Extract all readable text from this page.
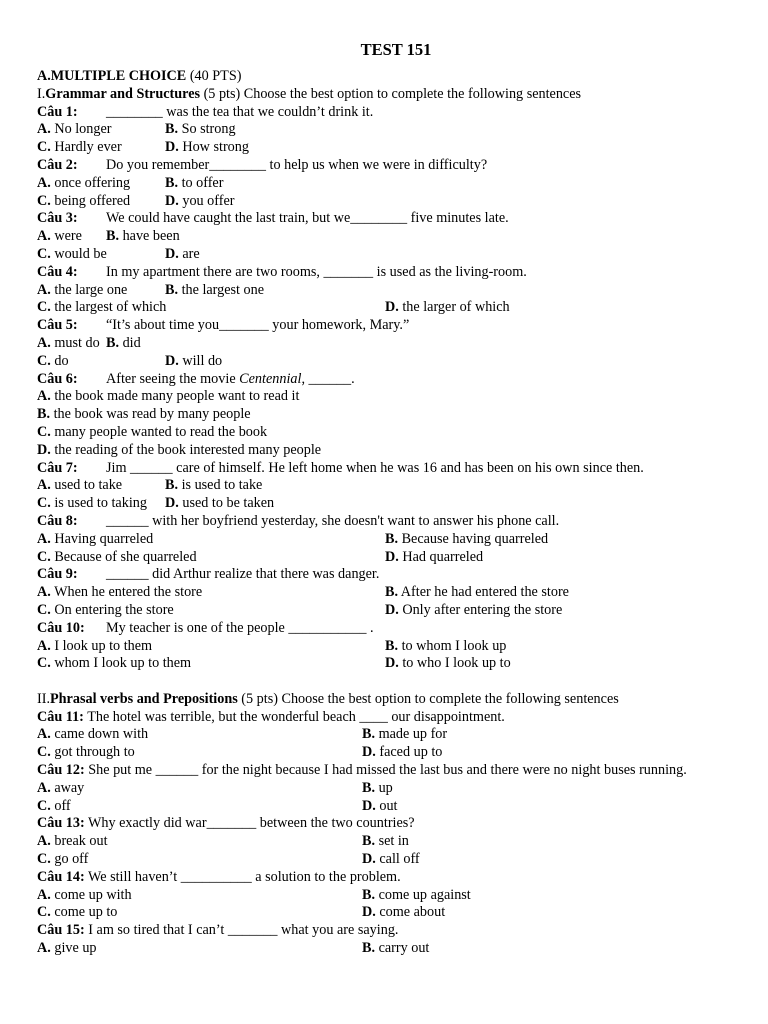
TEST 151
A.MULTIPLE CHOICE (40 PTS)
I.Grammar and Structures (5 pts) Choose the best option to complete the following sentences
Câu 1:	________ was the tea that we couldn’t drink it.
A. No longer	B. So strong
C. Hardly ever	D. How strong
Câu 2:	Do you remember________ to help us when we were in difficulty?
A. once offering B. to offer
C. being offered D. you offer
Câu 3:	We could have caught the last train, but we________ five minutes late.
A. were B. have been
C. would be	D. are
Câu 4:	In my apartment there are two rooms, _______ is used as the living-room.
A. the large one	B. the largest one
C. the largest of which	D. the larger of which
Câu 5:	“It’s about time you_______ your homework, Mary.”
A. must do B. did
C. do	D. will do
Câu 6:	After seeing the movie Centennial, ______.
A. the book made many people want to read it
B. the book was read by many people
C. many people wanted to read the book
D. the reading of the book interested many people
Câu 7:	Jim ______ care of himself. He left home when he was 16 and has been on his own since then.
A. used to take	B. is used to take
C. is used to taking D. used to be taken
Câu 8:	______ with her boyfriend yesterday, she doesn't want to answer his phone call.
A. Having quarreled	B. Because having quarreled
C. Because of she quarreled	D. Had quarreled
Câu 9:	______ did Arthur realize that there was danger.
A. When he entered the store	B. After he had entered the store
C. On entering the store	D. Only after entering the store
Câu 10:	My teacher is one of the people ___________ .
A. I look up to them	B. to whom I look up
C. whom I look up to them	D. to who I look up to
II.Phrasal verbs and Prepositions (5 pts) Choose the best option to complete the following sentences
Câu 11: The hotel was terrible, but the wonderful beach ____ our disappointment.
A. came down with	B. made up for
C. got through to	D. faced up to
Câu 12: She put me ______ for the night because I had missed the last bus and there were no night buses running.
A. away	B. up
C. off	D. out
Câu 13: Why exactly did war_______ between the two countries?
A. break out	B. set in
C. go off	D. call off
Câu 14: We still haven’t __________ a solution to the problem.
A. come up with	B. come up against
C. come up to	D. come about
Câu 15: I am so tired that I can’t _______ what you are saying.
A. give up	B. carry out
